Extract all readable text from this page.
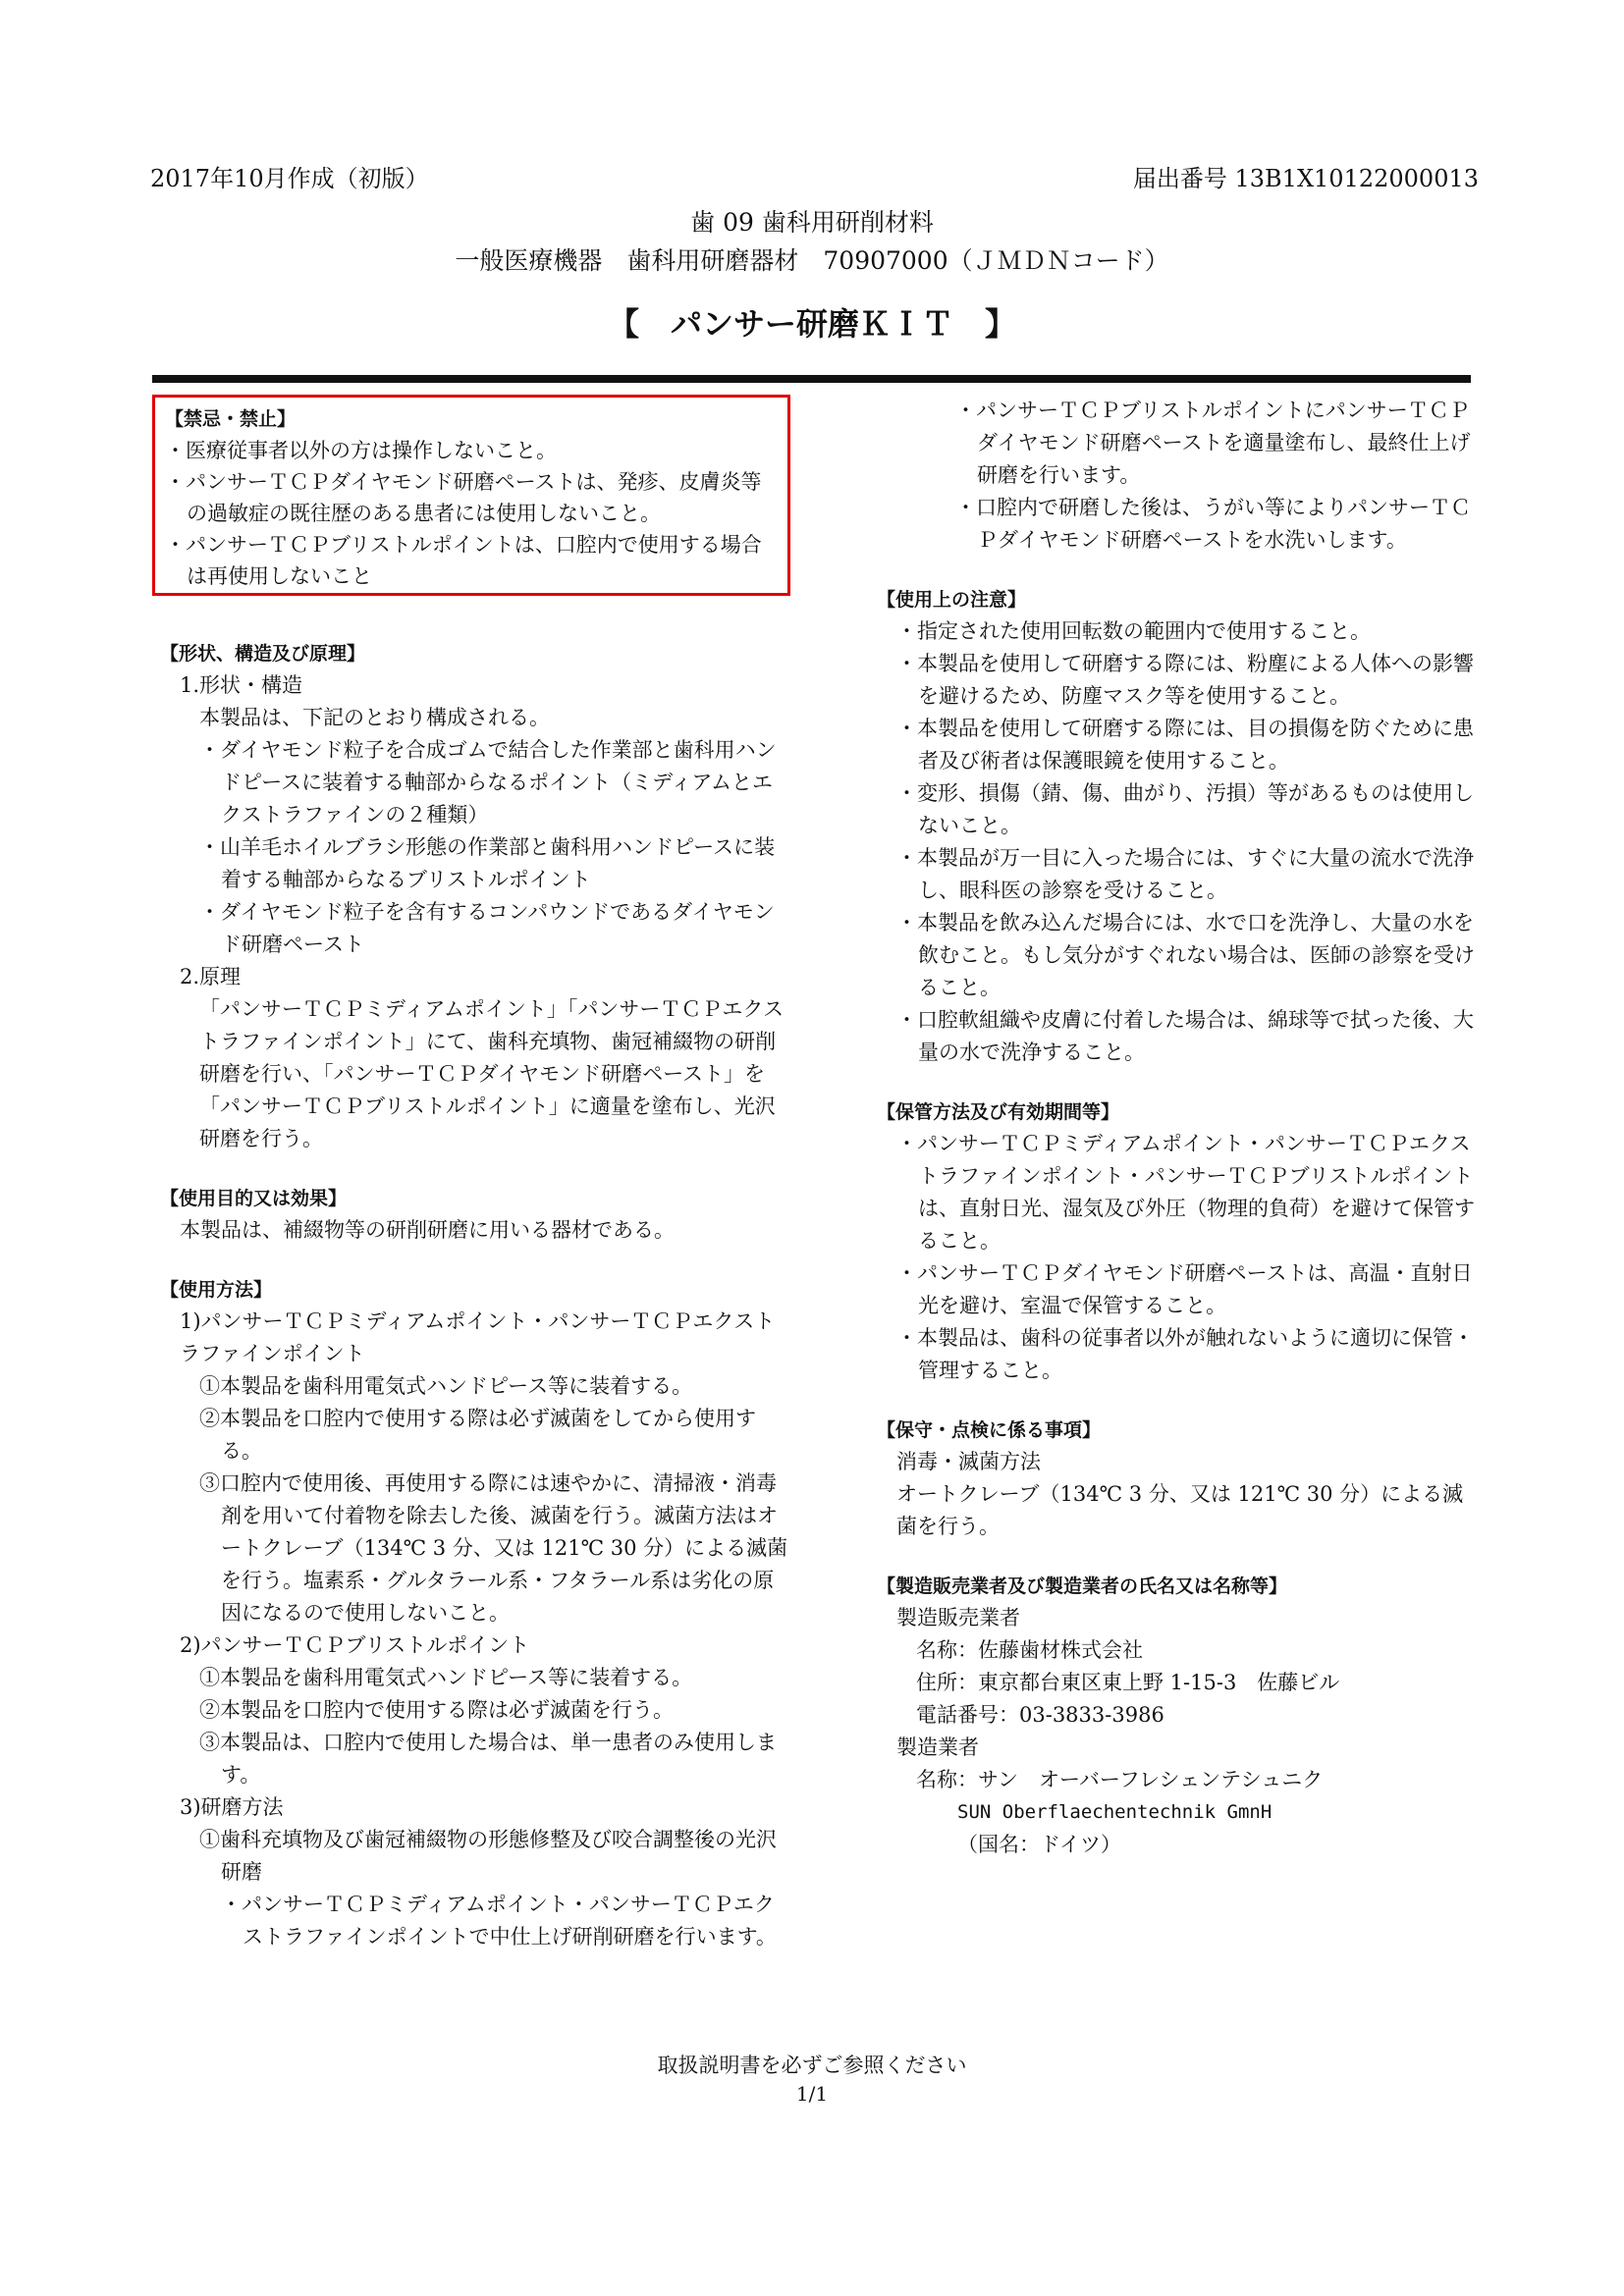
2017年10月作成（初版）	届出番号 13B1X10122000013
歯 09 歯科用研削材料
一般医療機器　歯科用研磨器材　70907000（ＪＭＤＮコード）
【　パンサー研磨ＫＩＴ　】
【禁忌・禁止】
・医療従事者以外の方は操作しないこと。
・パンサーＴＣＰダイヤモンド研磨ペーストは、発疹、皮膚炎等の過敏症の既往歴のある患者には使用しないこと。
・パンサーＴＣＰブリストルポイントは、口腔内で使用する場合は再使用しないこと
【形状、構造及び原理】
1.形状・構造
本製品は、下記のとおり構成される。
・ダイヤモンド粒子を合成ゴムで結合した作業部と歯科用ハンドピースに装着する軸部からなるポイント（ミディアムとエクストラファインの２種類）
・山羊毛ホイルブラシ形態の作業部と歯科用ハンドピースに装着する軸部からなるブリストルポイント
・ダイヤモンド粒子を含有するコンパウンドであるダイヤモンド研磨ペースト
2.原理
「パンサーＴＣＰミディアムポイント」「パンサーＴＣＰエクストラファインポイント」にて、歯科充填物、歯冠補綴物の研削研磨を行い、「パンサーＴＣＰダイヤモンド研磨ペースト」を「パンサーＴＣＰブリストルポイント」に適量を塗布し、光沢研磨を行う。
【使用目的又は効果】
本製品は、補綴物等の研削研磨に用いる器材である。
【使用方法】
1)パンサーＴＣＰミディアムポイント・パンサーＴＣＰエクストラファインポイント
①本製品を歯科用電気式ハンドピース等に装着する。
②本製品を口腔内で使用する際は必ず滅菌をしてから使用する。
③口腔内で使用後、再使用する際には速やかに、清掃液・消毒剤を用いて付着物を除去した後、滅菌を行う。滅菌方法はオートクレーブ（134℃ 3 分、又は 121℃ 30 分）による滅菌を行う。塩素系・グルタラール系・フタラール系は劣化の原因になるので使用しないこと。
2)パンサーＴＣＰブリストルポイント
①本製品を歯科用電気式ハンドピース等に装着する。
②本製品を口腔内で使用する際は必ず滅菌を行う。
③本製品は、口腔内で使用した場合は、単一患者のみ使用します。
3)研磨方法
①歯科充填物及び歯冠補綴物の形態修整及び咬合調整後の光沢研磨
・パンサーＴＣＰミディアムポイント・パンサーＴＣＰエクストラファインポイントで中仕上げ研削研磨を行います。
・パンサーＴＣＰブリストルポイントにパンサーＴＣＰダイヤモンド研磨ペーストを適量塗布し、最終仕上げ研磨を行います。
・口腔内で研磨した後は、うがい等によりパンサーＴＣＰダイヤモンド研磨ペーストを水洗いします。
【使用上の注意】
・指定された使用回転数の範囲内で使用すること。
・本製品を使用して研磨する際には、粉塵による人体への影響を避けるため、防塵マスク等を使用すること。
・本製品を使用して研磨する際には、目の損傷を防ぐために患者及び術者は保護眼鏡を使用すること。
・変形、損傷（錆、傷、曲がり、汚損）等があるものは使用しないこと。
・本製品が万一目に入った場合には、すぐに大量の流水で洗浄し、眼科医の診察を受けること。
・本製品を飲み込んだ場合には、水で口を洗浄し、大量の水を飲むこと。もし気分がすぐれない場合は、医師の診察を受けること。
・口腔軟組織や皮膚に付着した場合は、綿球等で拭った後、大量の水で洗浄すること。
【保管方法及び有効期間等】
・パンサーＴＣＰミディアムポイント・パンサーＴＣＰエクストラファインポイント・パンサーＴＣＰブリストルポイントは、直射日光、湿気及び外圧（物理的負荷）を避けて保管すること。
・パンサーＴＣＰダイヤモンド研磨ペーストは、高温・直射日光を避け、室温で保管すること。
・本製品は、歯科の従事者以外が触れないように適切に保管・管理すること。
【保守・点検に係る事項】
消毒・滅菌方法
オートクレーブ（134℃ 3 分、又は 121℃ 30 分）による滅菌を行う。
【製造販売業者及び製造業者の氏名又は名称等】
製造販売業者
名称：佐藤歯材株式会社
住所：東京都台東区東上野 1-15-3　佐藤ビル
電話番号：03-3833-3986
製造業者
名称：サン　オーバーフレシェンテシュニク
SUN Oberflaechentechnik GmnH
（国名：ドイツ）
取扱説明書を必ずご参照ください
1/1
